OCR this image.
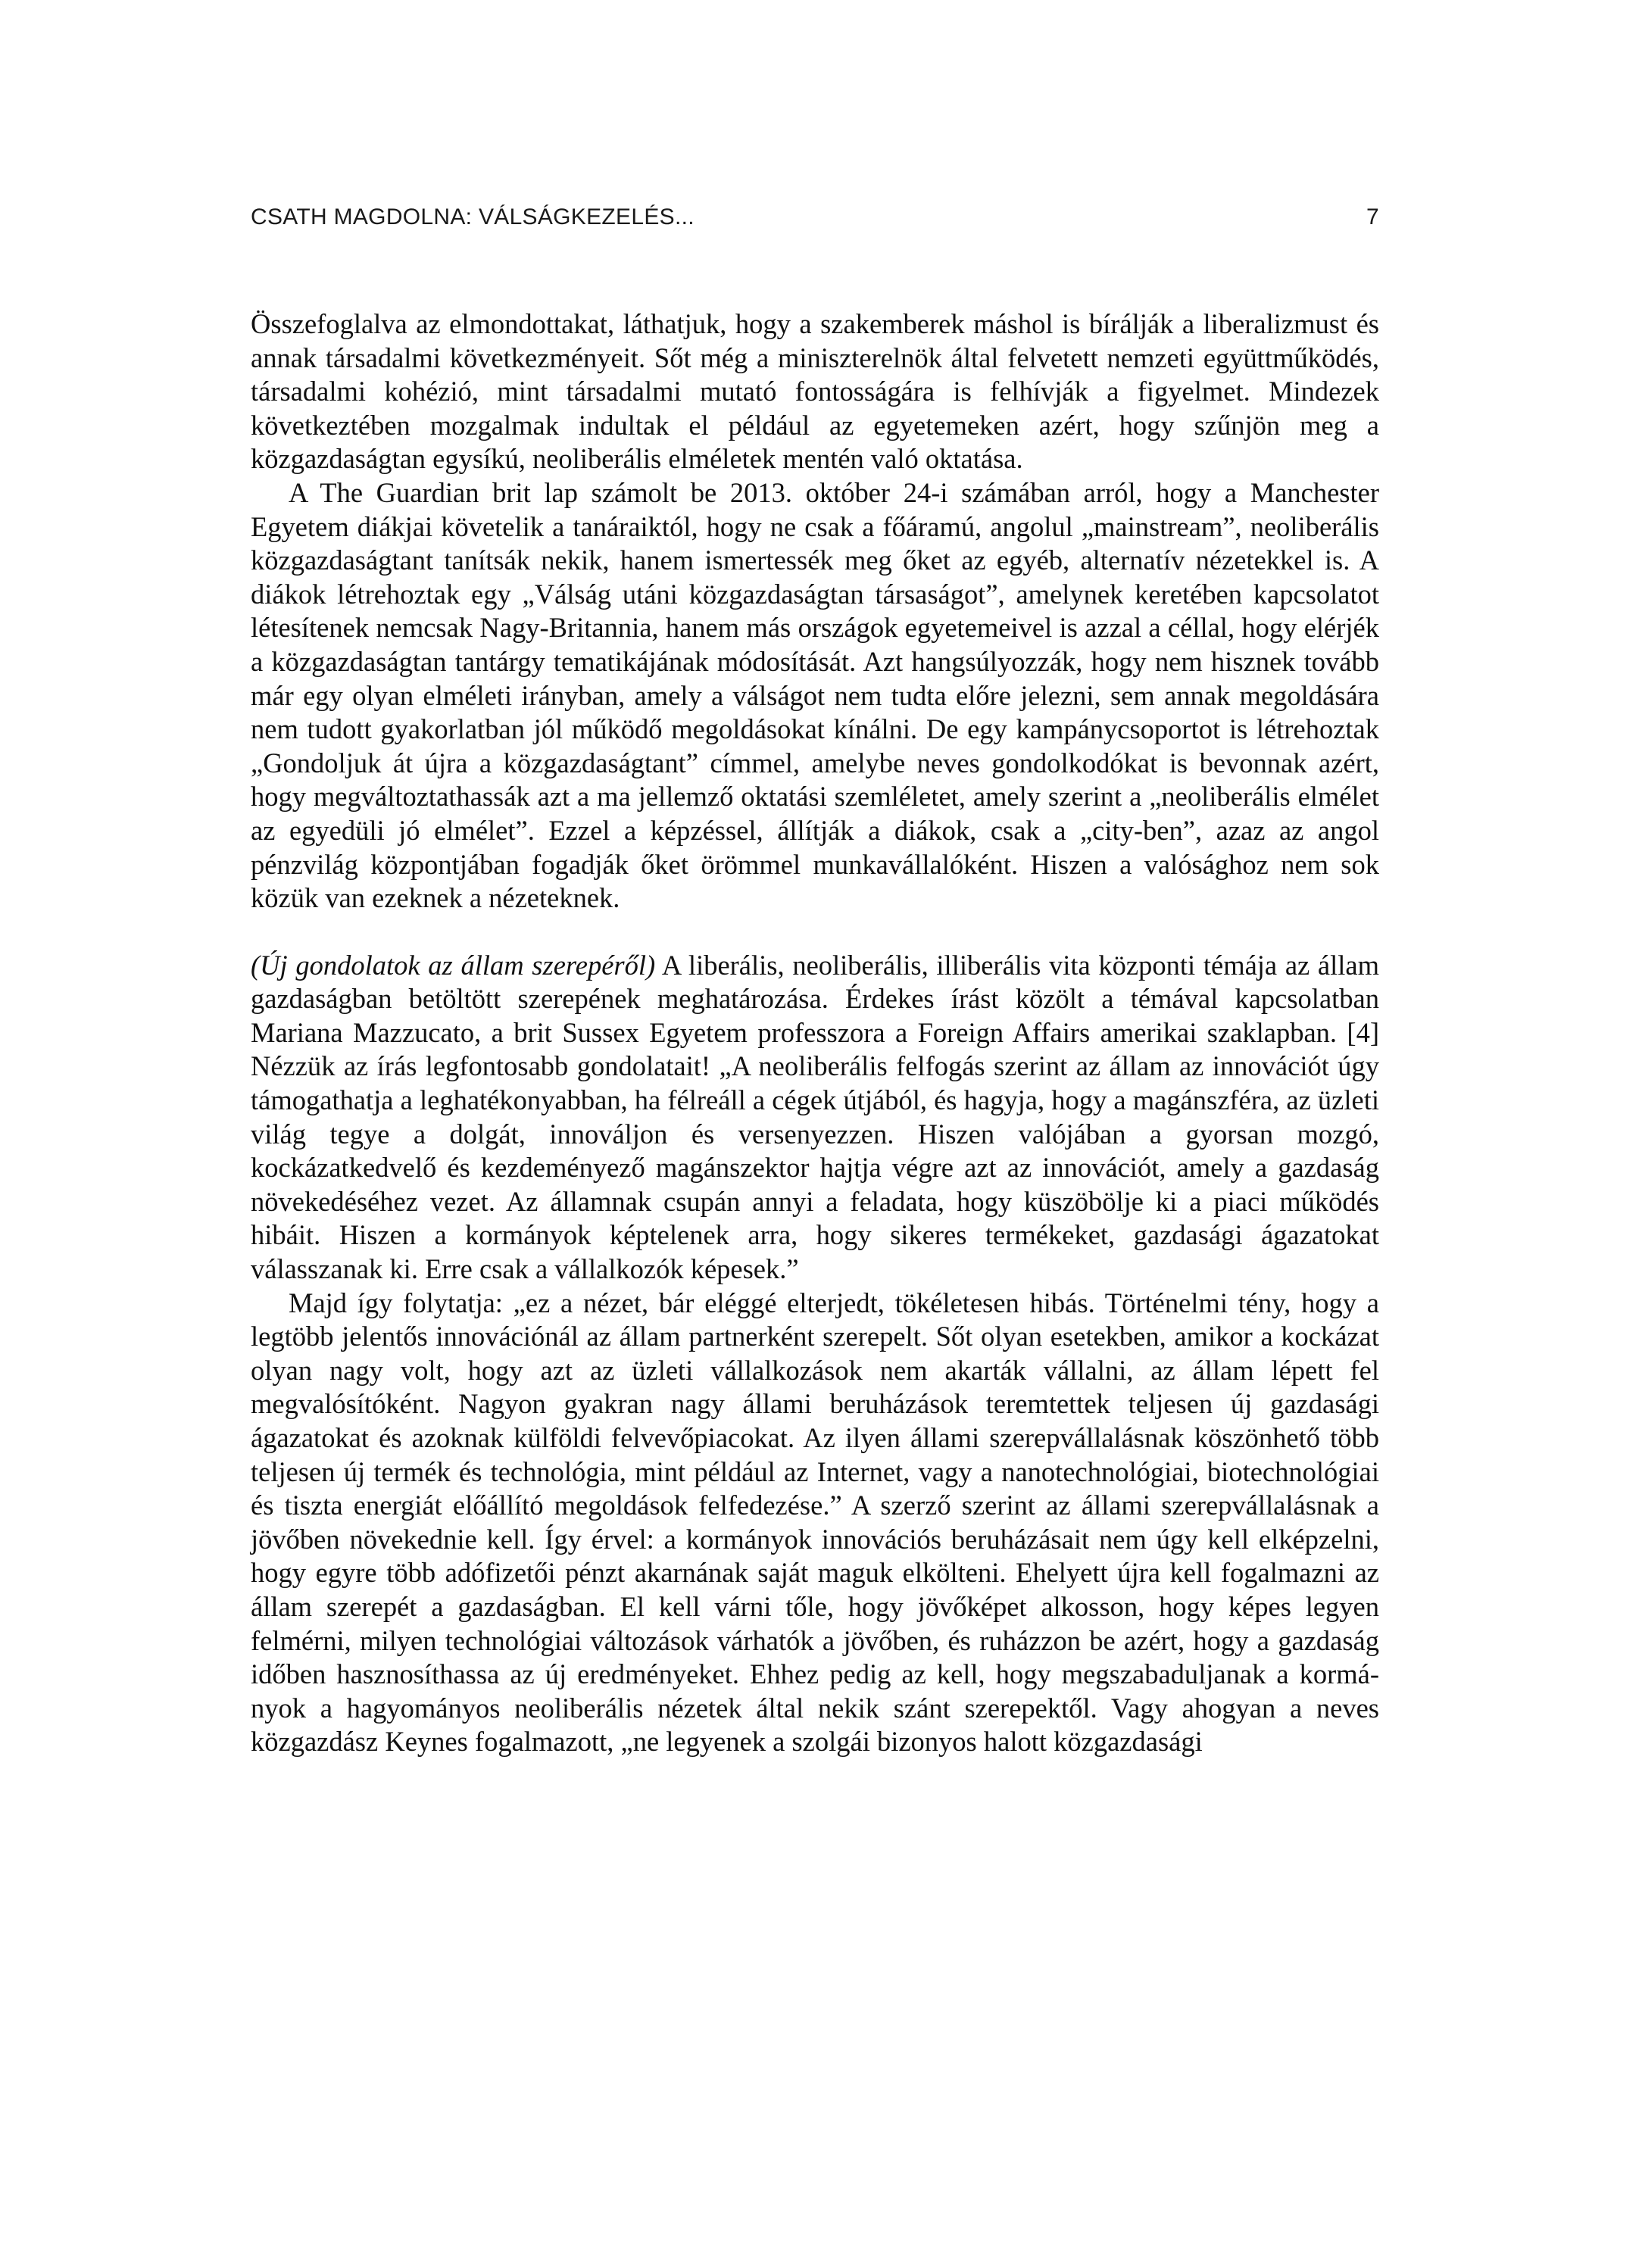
CSATH MAGDOLNA: VÁLSÁGKEZELÉS...	7

Összefoglalva az elmondottakat, láthatjuk, hogy a szakemberek máshol is bírálják a liberalizmust és annak társadalmi következményeit. Sőt még a miniszterelnök által felvetett nemzeti együttműködés, társadalmi kohézió, mint társadalmi mutató fontosságára is felhívják a figyelmet. Mindezek következtében mozgalmak indultak el például az egyetemeken azért, hogy szűnjön meg a közgazdaságtan egysíkú, neoliberális elméletek mentén való oktatása.

A The Guardian brit lap számolt be 2013. október 24-i számában arról, hogy a Manchester Egyetem diákjai követelik a tanáraiktól, hogy ne csak a főáramú, angolul „mainstream”, neoliberális közgazdaságtant tanítsák nekik, hanem ismertessék meg őket az egyéb, alternatív nézetekkel is. A diákok létrehoztak egy „Válság utáni közgazdaságtan társaságot”, amelynek keretében kapcsolatot létesítenek nemcsak Nagy-Britannia, hanem más országok egyetemeivel is azzal a céllal, hogy elérjék a közgazdaságtan tantárgy tematikájának módosítását. Azt hangsúlyozzák, hogy nem hisznek tovább már egy olyan elméleti irányban, amely a válságot nem tudta előre jelezni, sem annak megoldására nem tudott gyakorlatban jól működő megoldásokat kínálni. De egy kampánycsoportot is létrehoztak „Gondoljuk át újra a közgazdaságtant” címmel, amelybe neves gondolkodókat is bevonnak azért, hogy megváltoztathassák azt a ma jellemző oktatási szemléletet, amely szerint a „neoliberális elmélet az egyedüli jó elmélet”. Ezzel a képzéssel, állítják a diákok, csak a „city-ben”, azaz az angol pénzvilág központjában fogadják őket örömmel munkavállalóként. Hiszen a valósághoz nem sok közük van ezeknek a nézeteknek.

(Új gondolatok az állam szerepéről) A liberális, neoliberális, illiberális vita központi témája az állam gazdaságban betöltött szerepének meghatározása. Érdekes írást közölt a témával kapcsolatban Mariana Mazzucato, a brit Sussex Egyetem professzora a Foreign Affairs amerikai szaklapban. [4] Nézzük az írás legfontosabb gondolatait! „A neoliberális felfogás szerint az állam az innovációt úgy támogathatja a leghatékonyabban, ha félreáll a cégek útjából, és hagyja, hogy a magánszféra, az üzleti világ tegye a dolgát, innováljon és versenyezzen. Hiszen valójában a gyorsan mozgó, kockázatkedvelő és kezdeményező magánszektor hajtja végre azt az innovációt, amely a gazdaság növekedéséhez vezet. Az államnak csupán annyi a feladata, hogy küszöbölje ki a piaci működés hibáit. Hiszen a kormányok képtelenek arra, hogy sikeres termékeket, gazdasági ágazatokat válasszanak ki. Erre csak a vállalkozók képesek.”

Majd így folytatja: „ez a nézet, bár eléggé elterjedt, tökéletesen hibás. Történelmi tény, hogy a legtöbb jelentős innovációnál az állam partnerként szerepelt. Sőt olyan esetekben, amikor a kockázat olyan nagy volt, hogy azt az üzleti vállalkozások nem akarták vállalni, az állam lépett fel megvalósítóként. Nagyon gyakran nagy állami beruházások teremtettek teljesen új gazdasági ágazatokat és azoknak külföldi felvevőpiacokat. Az ilyen állami szerepvállalásnak köszönhető több teljesen új termék és technológia, mint például az Internet, vagy a nanotechnológiai, biotechnológiai és tiszta energiát előállító megoldások felfedezése.” A szerző szerint az állami szerepvállalásnak a jövőben növekednie kell. Így érvel: a kormányok innovációs beruházásait nem úgy kell elképzelni, hogy egyre több adófizetői pénzt akarnának saját maguk elkölteni. Ehelyett újra kell fogalmazni az állam szerepét a gazdaságban. El kell várni tőle, hogy jövőképet alkosson, hogy képes legyen felmérni, milyen technológiai változások várhatók a jövőben, és ruházzon be azért, hogy a gazdaság időben hasznosíthassa az új eredményeket. Ehhez pedig az kell, hogy megszabaduljanak a kormányok a hagyományos neoliberális nézetek által nekik szánt szerepektől. Vagy ahogyan a neves közgazdász Keynes fogalmazott, „ne legyenek a szolgái bizonyos halott közgazdasági
